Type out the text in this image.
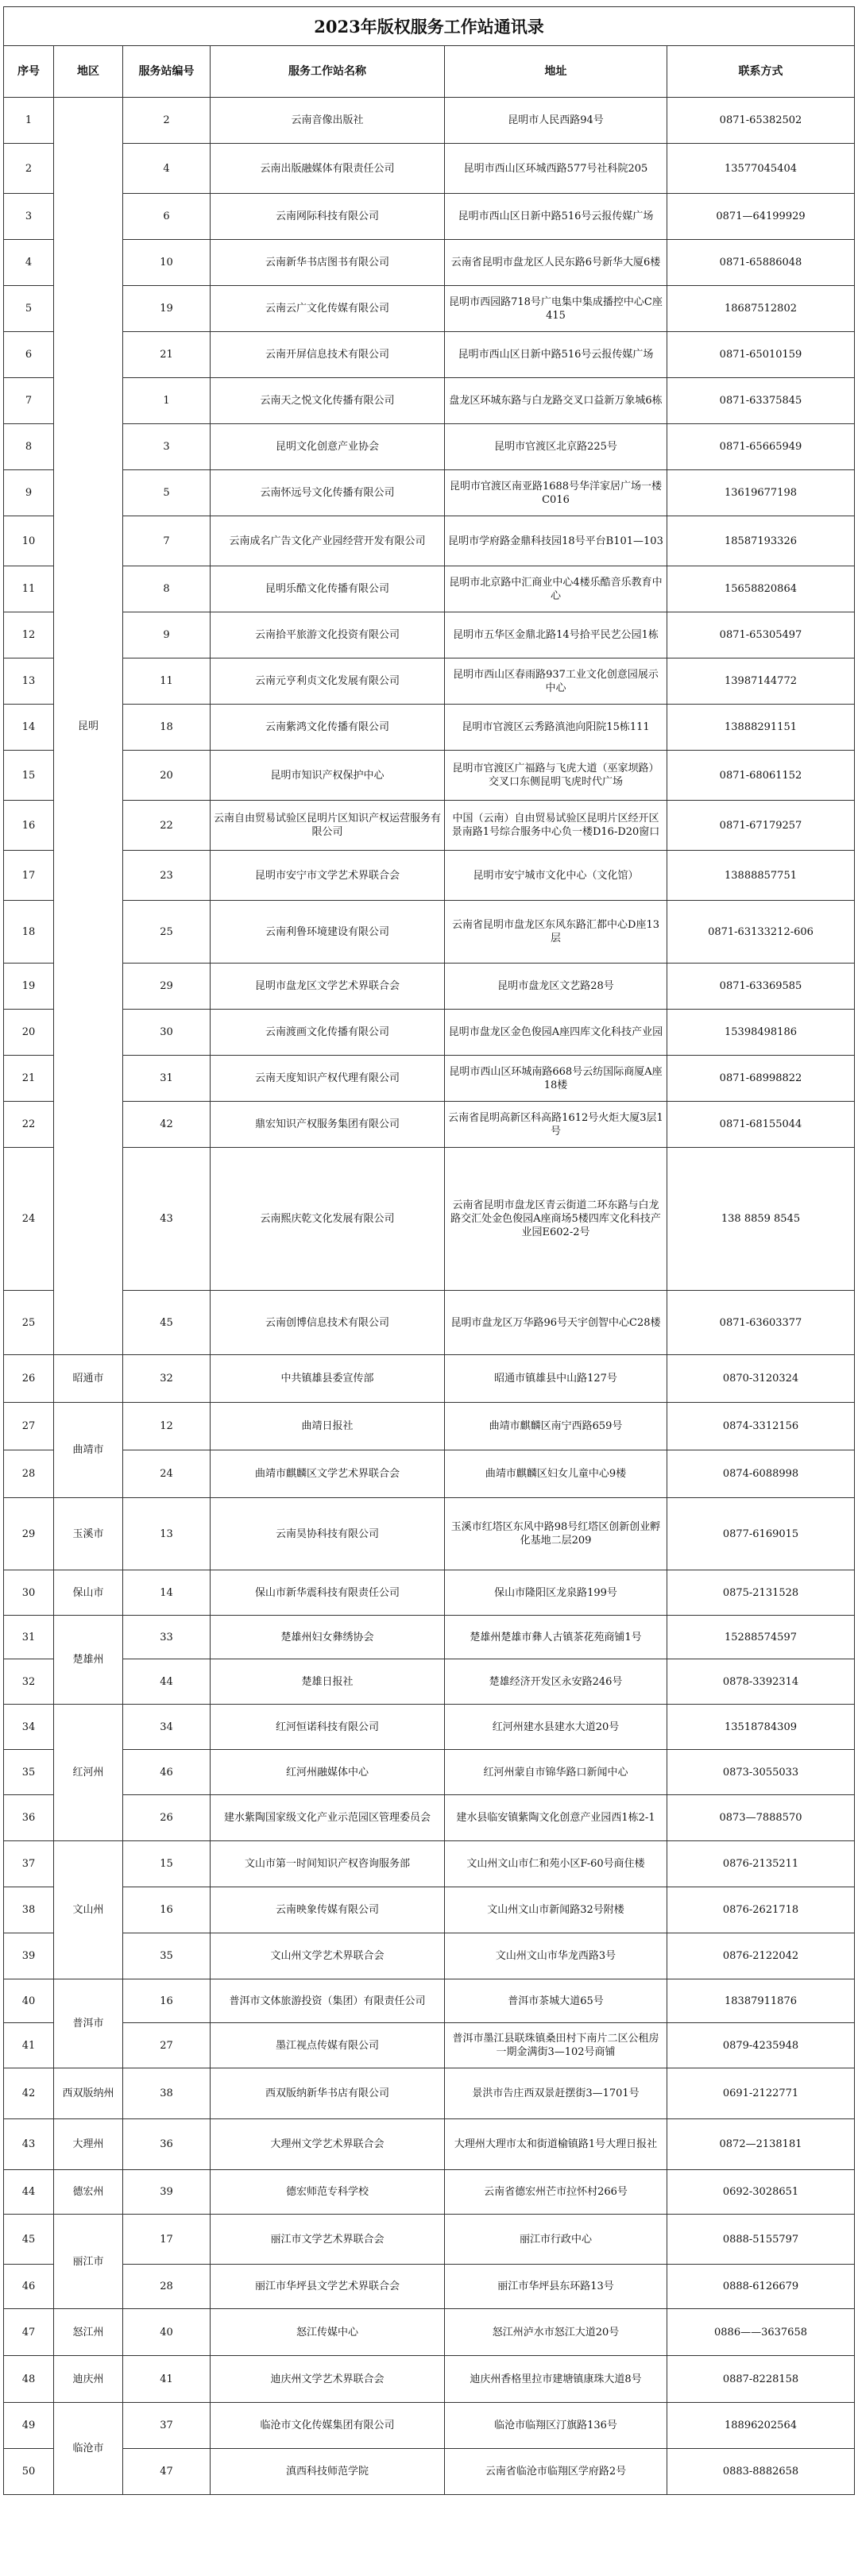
2023年版权服务工作站通讯录					
序号	地区	服务站编号	服务工作站名称	地址	联系方式
1	昆明	2	云南音像出版社	昆明市人民西路94号	0871-65382502
2		4	云南出版融媒体有限责任公司	昆明市西山区环城西路577号社科院205	13577045404
3		6	云南网际科技有限公司	昆明市西山区日新中路516号云报传媒广场	0871—64199929
4		10	云南新华书店图书有限公司	云南省昆明市盘龙区人民东路6号新华大厦6楼	0871-65886048
5		19	云南云广文化传媒有限公司	昆明市西园路718号广电集中集成播控中心C座415	18687512802
6		21	云南开屏信息技术有限公司	昆明市西山区日新中路516号云报传媒广场	0871-65010159
7		1	云南天之悦文化传播有限公司	盘龙区环城东路与白龙路交叉口益新万象城6栋	0871-63375845
8		3	昆明文化创意产业协会	昆明市官渡区北京路225号	0871-65665949
9		5	云南怀远号文化传播有限公司	昆明市官渡区南亚路1688号华洋家居广场一楼C016	13619677198
10		7	云南成名广告文化产业园经营开发有限公司	昆明市学府路金鼎科技园18号平台B101—103	18587193326
11		8	昆明乐酷文化传播有限公司	昆明市北京路中汇商业中心4楼乐酷音乐教育中心	15658820864
12		9	云南拾平旅游文化投资有限公司	昆明市五华区金鼎北路14号拾平民艺公园1栋	0871-65305497
13		11	云南元亨利贞文化发展有限公司	昆明市西山区春雨路937工业文化创意园展示中心	13987144772
14		18	云南紫鸿文化传播有限公司	昆明市官渡区云秀路滇池向阳院15栋111	13888291151
15		20	昆明市知识产权保护中心	昆明市官渡区广福路与飞虎大道（巫家坝路）交叉口东侧昆明飞虎时代广场	0871-68061152
16		22	云南自由贸易试验区昆明片区知识产权运营服务有限公司	中国（云南）自由贸易试验区昆明片区经开区景南路1号综合服务中心负一楼D16-D20窗口	0871-67179257
17		23	昆明市安宁市文学艺术界联合会	昆明市安宁城市文化中心（文化馆）	13888857751
18		25	云南利鲁环境建设有限公司	云南省昆明市盘龙区东风东路汇都中心D座13层	0871-63133212-606
19		29	昆明市盘龙区文学艺术界联合会	昆明市盘龙区文艺路28号	0871-63369585
20		30	云南渡画文化传播有限公司	昆明市盘龙区金色俊园A座四库文化科技产业园	15398498186
21		31	云南天度知识产权代理有限公司	昆明市西山区环城南路668号云纺国际商厦A座18楼	0871-68998822
22		42	鼎宏知识产权服务集团有限公司	云南省昆明高新区科高路1612号火炬大厦3层1号	0871-68155044
24		43	云南熙庆乾文化发展有限公司	云南省昆明市盘龙区青云街道二环东路与白龙路交汇处金色俊园A座商场5楼四库文化科技产业园E602-2号	138 8859 8545
25		45	云南创博信息技术有限公司	昆明市盘龙区万华路96号天宇创智中心C28楼	0871-63603377
26	昭通市	32	中共镇雄县委宣传部	昭通市镇雄县中山路127号	0870-3120324
27	曲靖市	12	曲靖日报社	曲靖市麒麟区南宁西路659号	0874-3312156
28		24	曲靖市麒麟区文学艺术界联合会	曲靖市麒麟区妇女儿童中心9楼	0874-6088998
29	玉溪市	13	云南昊协科技有限公司	玉溪市红塔区东风中路98号红塔区创新创业孵化基地二层209	0877-6169015
30	保山市	14	保山市新华震科技有限责任公司	保山市隆阳区龙泉路199号	0875-2131528
31	楚雄州	33	楚雄州妇女彝绣协会	楚雄州楚雄市彝人古镇茶花苑商铺1号	15288574597
32		44	楚雄日报社	楚雄经济开发区永安路246号	0878-3392314
34	红河州	34	红河恒诺科技有限公司	红河州建水县建水大道20号	13518784309
35		46	红河州融媒体中心	红河州蒙自市锦华路口新闻中心	0873-3055033
36		26	建水紫陶国家级文化产业示范园区管理委员会	建水县临安镇紫陶文化创意产业园西1栋2-1	0873—7888570
37	文山州	15	文山市第一时间知识产权咨询服务部	文山州文山市仁和苑小区F-60号商住楼	0876-2135211
38		16	云南映象传媒有限公司	文山州文山市新闻路32号附楼	0876-2621718
39		35	文山州文学艺术界联合会	文山州文山市华龙西路3号	0876-2122042
40	普洱市	16	普洱市文体旅游投资（集团）有限责任公司	普洱市茶城大道65号	18387911876
41		27	墨江视点传媒有限公司	普洱市墨江县联珠镇桑田村下南片二区公租房一期金满街3—102号商铺	0879-4235948
42	西双版纳州	38	西双版纳新华书店有限公司	景洪市告庄西双景赶摆街3—1701号	0691-2122771
43	大理州	36	大理州文学艺术界联合会	大理州大理市太和街道榆镇路1号大理日报社	0872—2138181
44	德宏州	39	德宏师范专科学校	云南省德宏州芒市拉怀村266号	0692-3028651
45	丽江市	17	丽江市文学艺术界联合会	丽江市行政中心	0888-5155797
46		28	丽江市华坪县文学艺术界联合会	丽江市华坪县东环路13号	0888-6126679
47	怒江州	40	怒江传媒中心	怒江州泸水市怒江大道20号	0886——3637658
48	迪庆州	41	迪庆州文学艺术界联合会	迪庆州香格里拉市建塘镇康珠大道8号	0887-8228158
49	临沧市	37	临沧市文化传媒集团有限公司	临沧市临翔区汀旗路136号	18896202564
50		47	滇西科技师范学院	云南省临沧市临翔区学府路2号	0883-8882658
